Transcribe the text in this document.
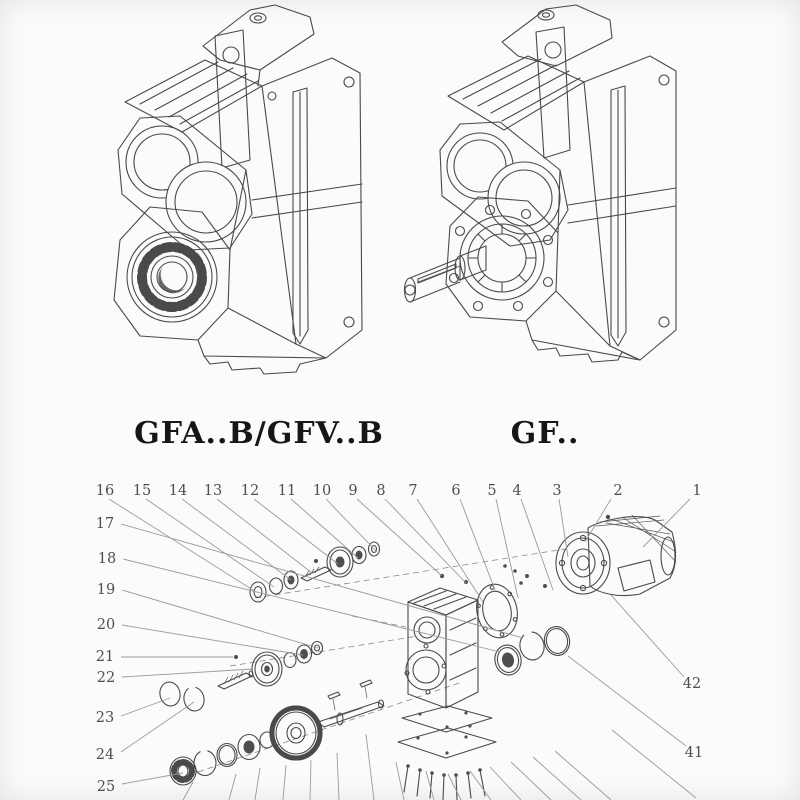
GFA..B/GFV..B	GF..
1
2
3
4
5
6
7
8
9
10
11
12
13
14
15
16
17
18
19
20
21
22
23
24
25
42
41
